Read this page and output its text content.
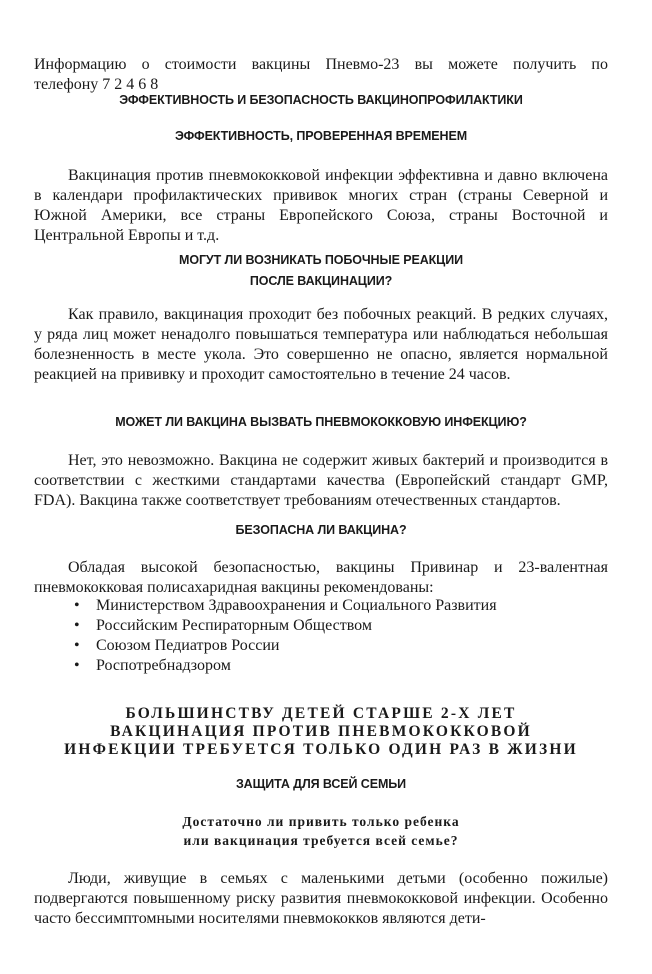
Информацию о стоимости вакцины Пневмо-23 вы можете получить по

телефону 7 2 4 6 8

ЭФФЕКТИВНОСТЬ И БЕЗОПАСНОСТЬ ВАКЦИНОПРОФИЛАКТИКИ
ЭФФЕКТИВНОСТЬ, ПРОВЕРЕННАЯ ВРЕМЕНЕМ

Вакцинация против пневмококковой инфекции эффективна и давно включена в календари профилактических прививок многих стран (страны Северной и Южной Америки, все страны Европейского Союза, страны Восточной и Центральной Европы и т.д.

МОГУТ ЛИ ВОЗНИКАТЬ ПОБОЧНЫЕ РЕАКЦИИ
ПОСЛЕ ВАКЦИНАЦИИ?

Как правило, вакцинация проходит без побочных реакций. В редких случаях, у ряда лиц может ненадолго повышаться температура или наблюдаться небольшая болезненность в месте укола. Это совершенно не опасно, является нормальной реакцией на прививку и проходит самостоятельно в течение 24 часов.

МОЖЕТ ЛИ ВАКЦИНА ВЫЗВАТЬ ПНЕВМОКОККОВУЮ ИНФЕКЦИЮ?

Нет, это невозможно. Вакцина не содержит живых бактерий и производится в соответствии с жесткими стандартами качества (Европейский стандарт GMP, FDA). Вакцина также соответствует требованиям отечественных стандартов.

БЕЗОПАСНА ЛИ ВАКЦИНА?

Обладая высокой безопасностью, вакцины Привинар и 23-валентная пневмококковая полисахаридная вакцины рекомендованы:

• Министерством Здравоохранения и Социального Развития
• Российским Респираторным Обществом
• Союзом Педиатров России
• Роспотребнадзором
БОЛЬШИНСТВУ ДЕТЕЙ СТАРШЕ 2-Х ЛЕТ
ВАКЦИНАЦИЯ ПРОТИВ ПНЕВМОКОККОВОЙ
ИНФЕКЦИИ ТРЕБУЕТСЯ ТОЛЬКО ОДИН РАЗ В ЖИЗНИ
ЗАЩИТА ДЛЯ ВСЕЙ СЕМЬИ
Достаточно ли привить только ребенка
или вакцинация требуется всей семье?

Люди, живущие в семьях с маленькими детьми (особенно пожилые) подвергаются повышенному риску развития пневмококковой инфекции. Особенно часто бессимптомными носителями пневмококков являются дети-
